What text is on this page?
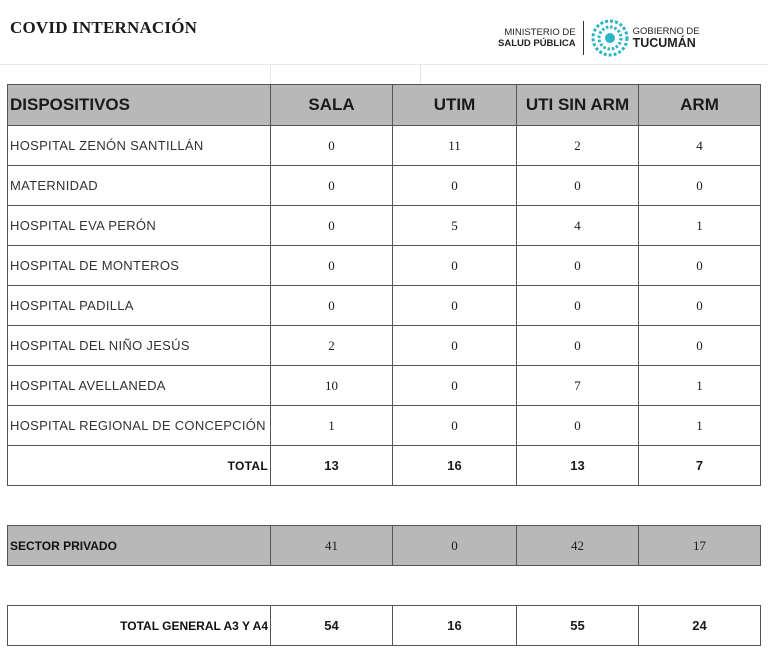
COVID INTERNACIÓN	MINISTERIO DE
SALUD PÚBLICA
GOBIERNO DE
TUCUMÁN
DISPOSITIVOS	SALA	UTIM	UTI SIN ARM	ARM
HOSPITAL ZENÓN SANTILLÁN	0	11	2	4
MATERNIDAD	0	0	0	0
HOSPITAL EVA PERÓN	0	5	4	1
HOSPITAL DE MONTEROS	0	0	0	0
HOSPITAL PADILLA	0	0	0	0
HOSPITAL DEL NIÑO JESÚS	2	0	0	0
HOSPITAL AVELLANEDA	10	0	7	1
HOSPITAL REGIONAL DE CONCEPCIÓN	1	0	0	1
TOTAL	13	16	13	7

SECTOR PRIVADO	41	0	42	17

TOTAL GENERAL A3 Y A4	54	16	55	24
